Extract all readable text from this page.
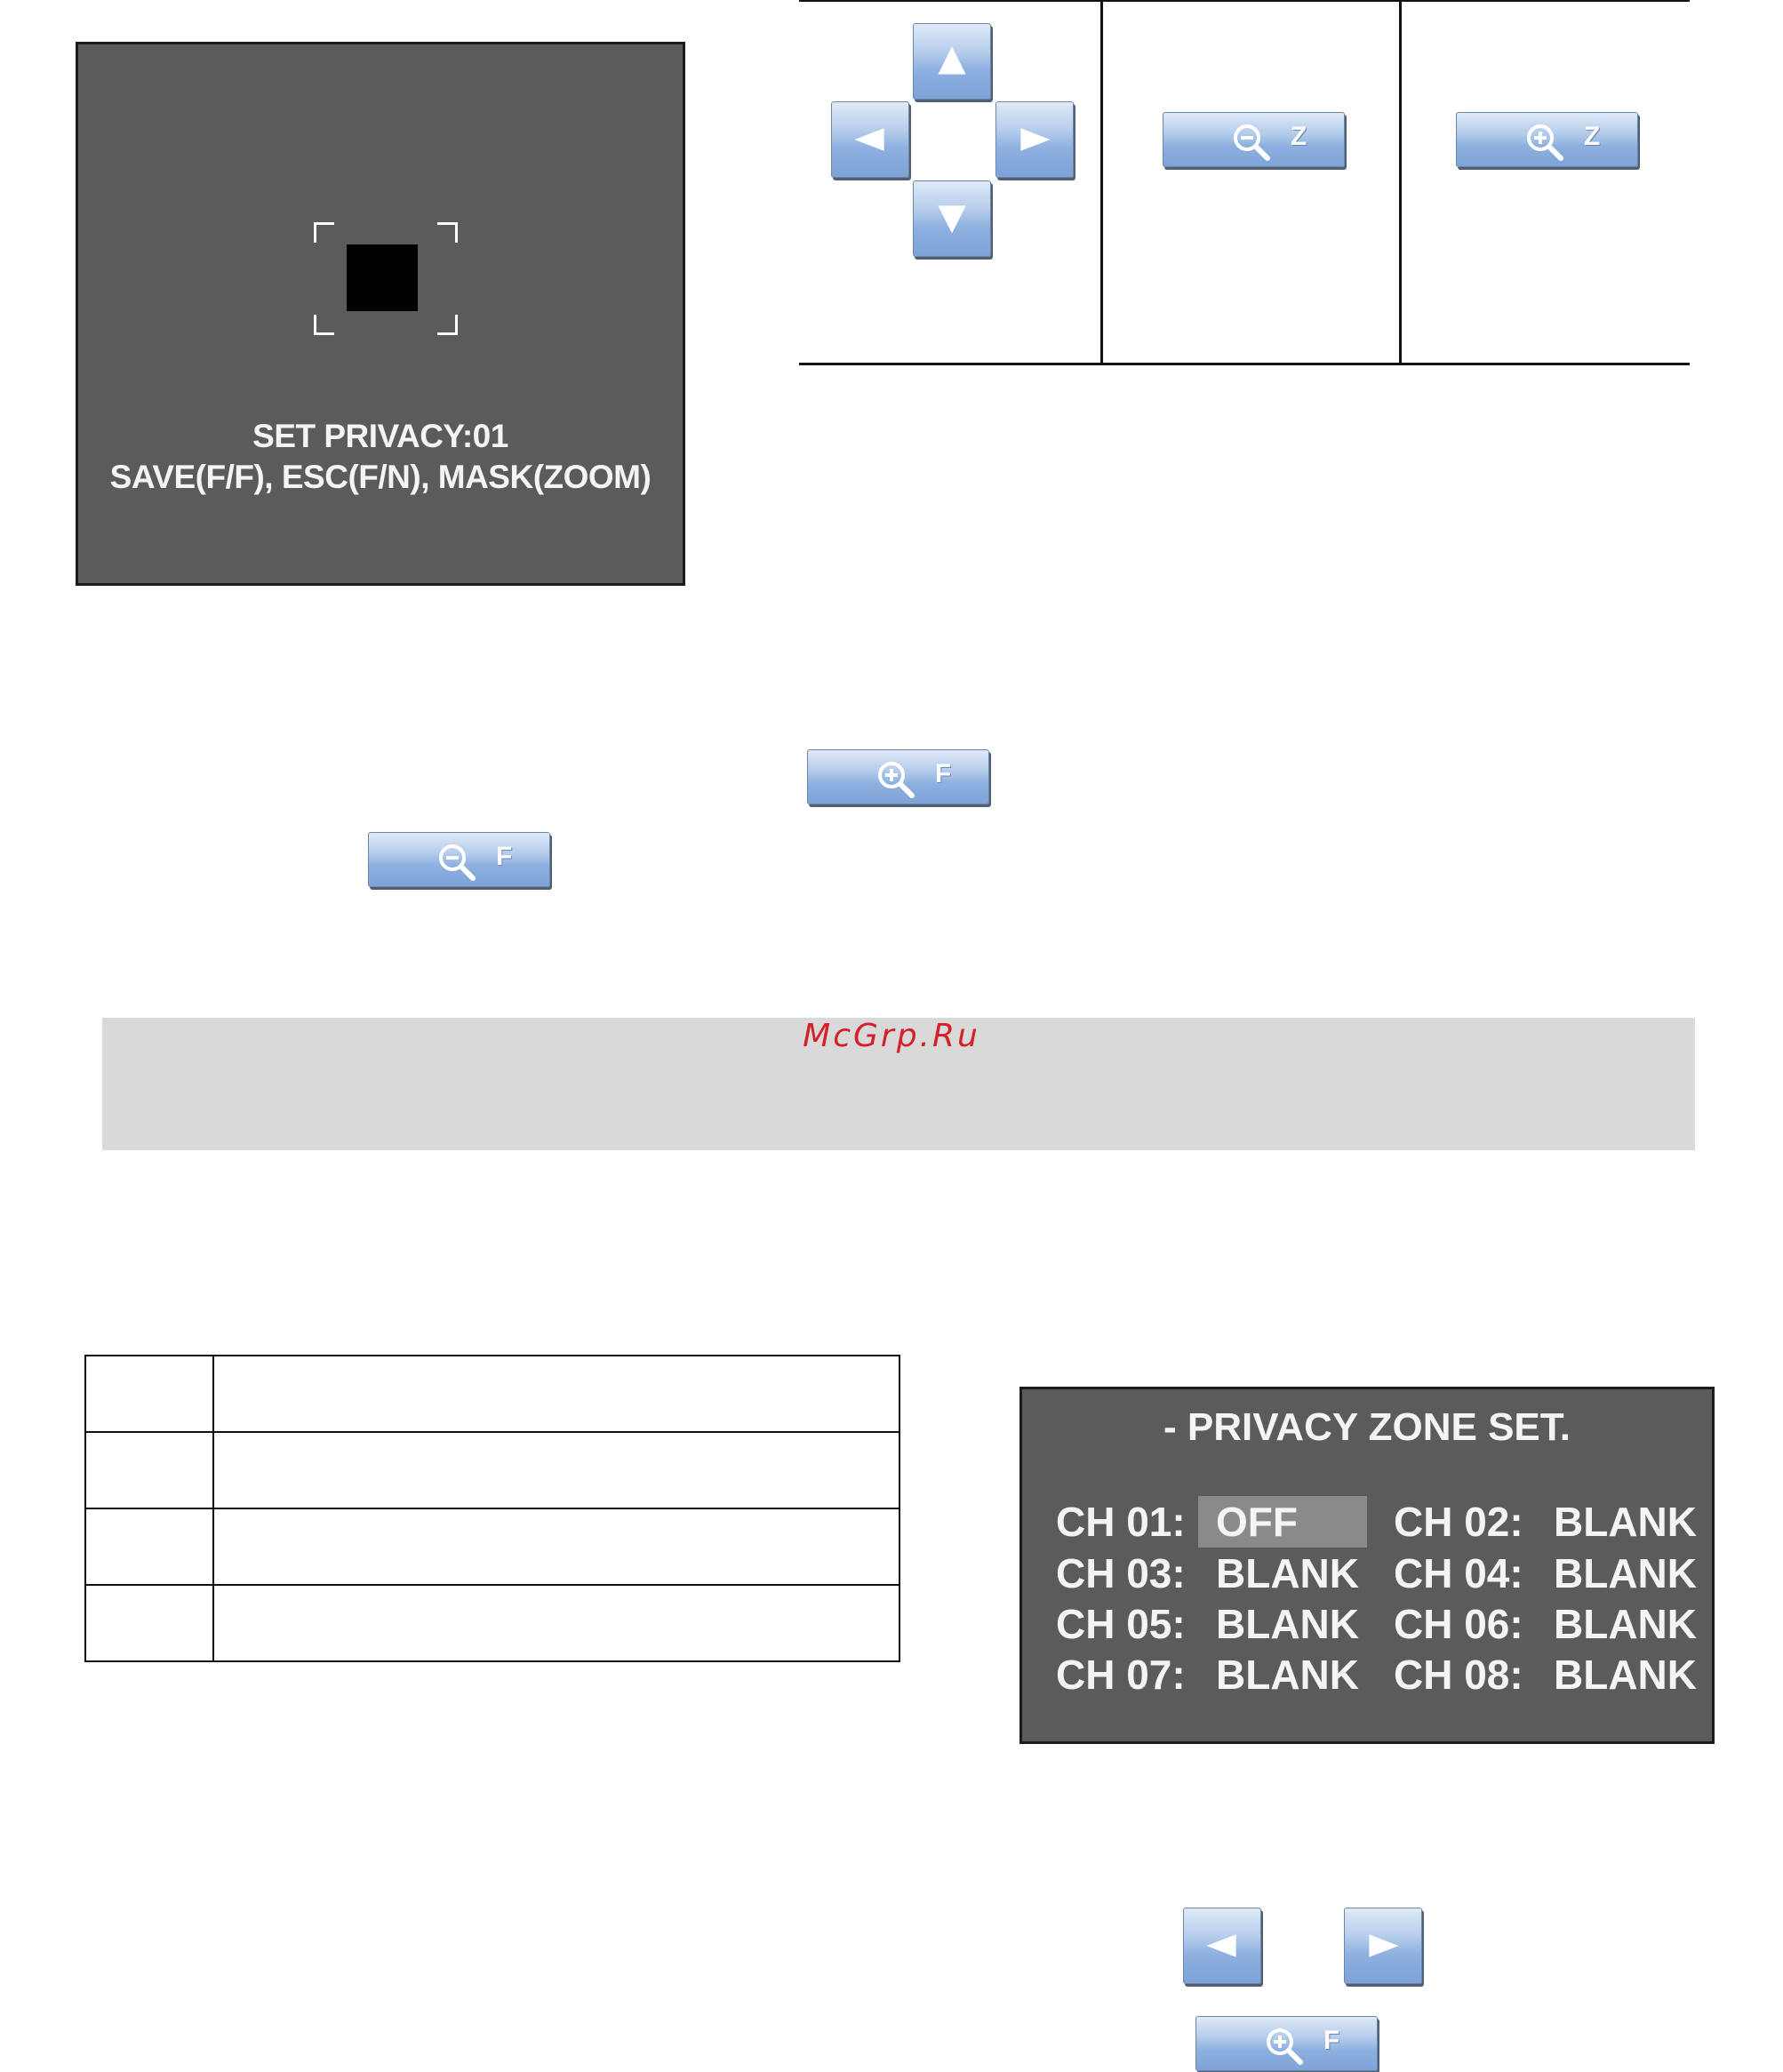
SET PRIVACY:01
SAVE(F/F), ESC(F/N), MASK(ZOOM)
Z	Z
F
F
McGrp.Ru

- PRIVACY ZONE SET.
CH 01: OFF CH 02: BLANK
CH 03: BLANK CH 04: BLANK
CH 05: BLANK CH 06: BLANK
CH 07: BLANK CH 08: BLANK
F
